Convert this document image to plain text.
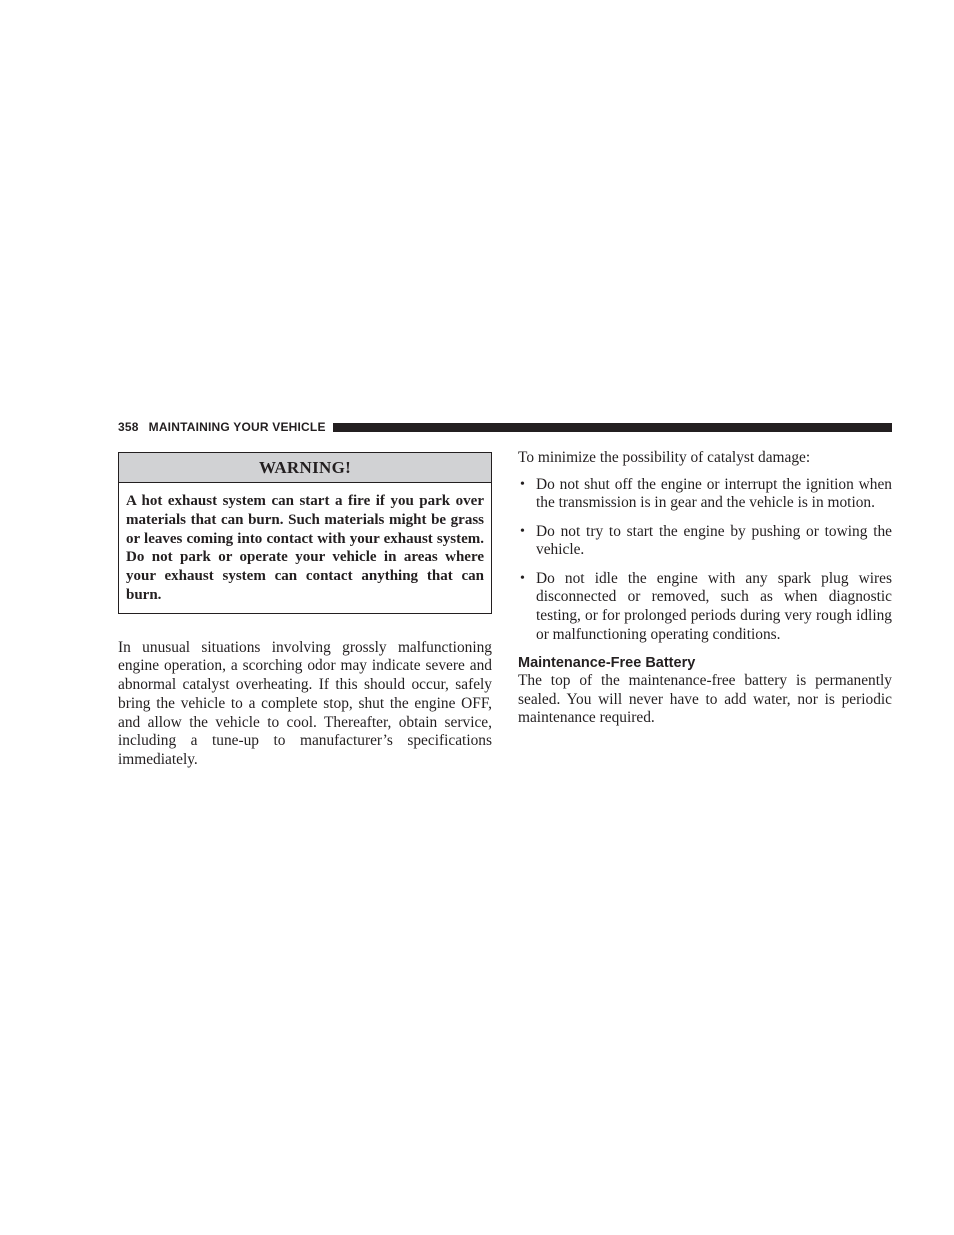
358 MAINTAINING YOUR VEHICLE
WARNING!
A hot exhaust system can start a fire if you park over materials that can burn. Such materials might be grass or leaves coming into contact with your exhaust system. Do not park or operate your vehicle in areas where your exhaust system can contact anything that can burn.

In unusual situations involving grossly malfunctioning engine operation, a scorching odor may indicate severe and abnormal catalyst overheating. If this should occur, safely bring the vehicle to a complete stop, shut the engine OFF, and allow the vehicle to cool. Thereafter, obtain service, including a tune-up to manufacturer’s specifications immediately.

To minimize the possibility of catalyst damage:

• Do not shut off the engine or interrupt the ignition when the transmission is in gear and the vehicle is in motion.
• Do not try to start the engine by pushing or towing the vehicle.
• Do not idle the engine with any spark plug wires disconnected or removed, such as when diagnostic testing, or for prolonged periods during very rough idling or malfunctioning operating conditions.
Maintenance-Free Battery

The top of the maintenance-free battery is permanently sealed. You will never have to add water, nor is periodic maintenance required.
